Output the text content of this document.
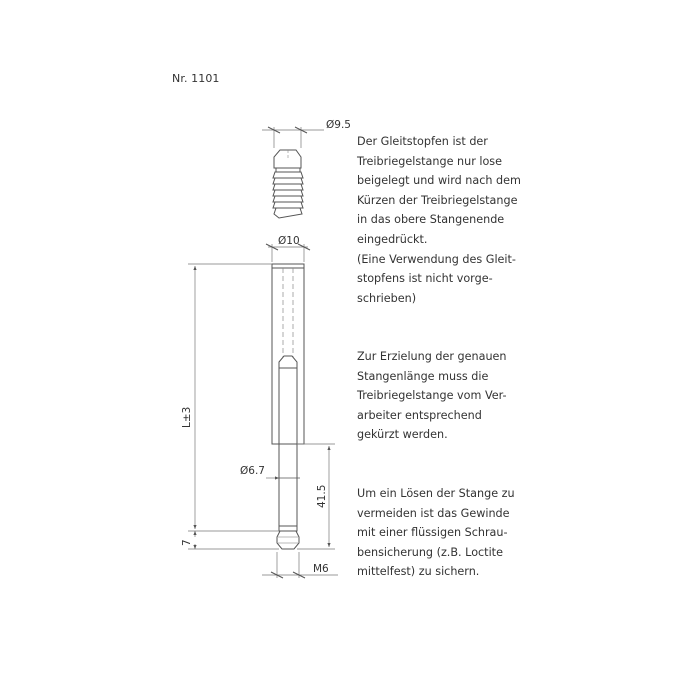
Nr. 1101
Der Gleitstopfen ist der
Treibriegelstange nur lose
beigelegt und wird nach dem
Kürzen der Treibriegelstange
in das obere Stangenende
eingedrückt.
(Eine Verwendung des Gleit-
stopfens ist nicht vorge-
schrieben)
Zur Erzielung der genauen
Stangenlänge muss die
Treibriegelstange vom Ver-
arbeiter entsprechend
gekürzt werden.
Um ein Lösen der Stange zu
vermeiden ist das Gewinde
mit einer flüssigen Schrau-
bensicherung (z.B. Loctite
mittelfest) zu sichern.
Ø9.5
Ø10
Ø6.7
M6
L±3
41.5
7
